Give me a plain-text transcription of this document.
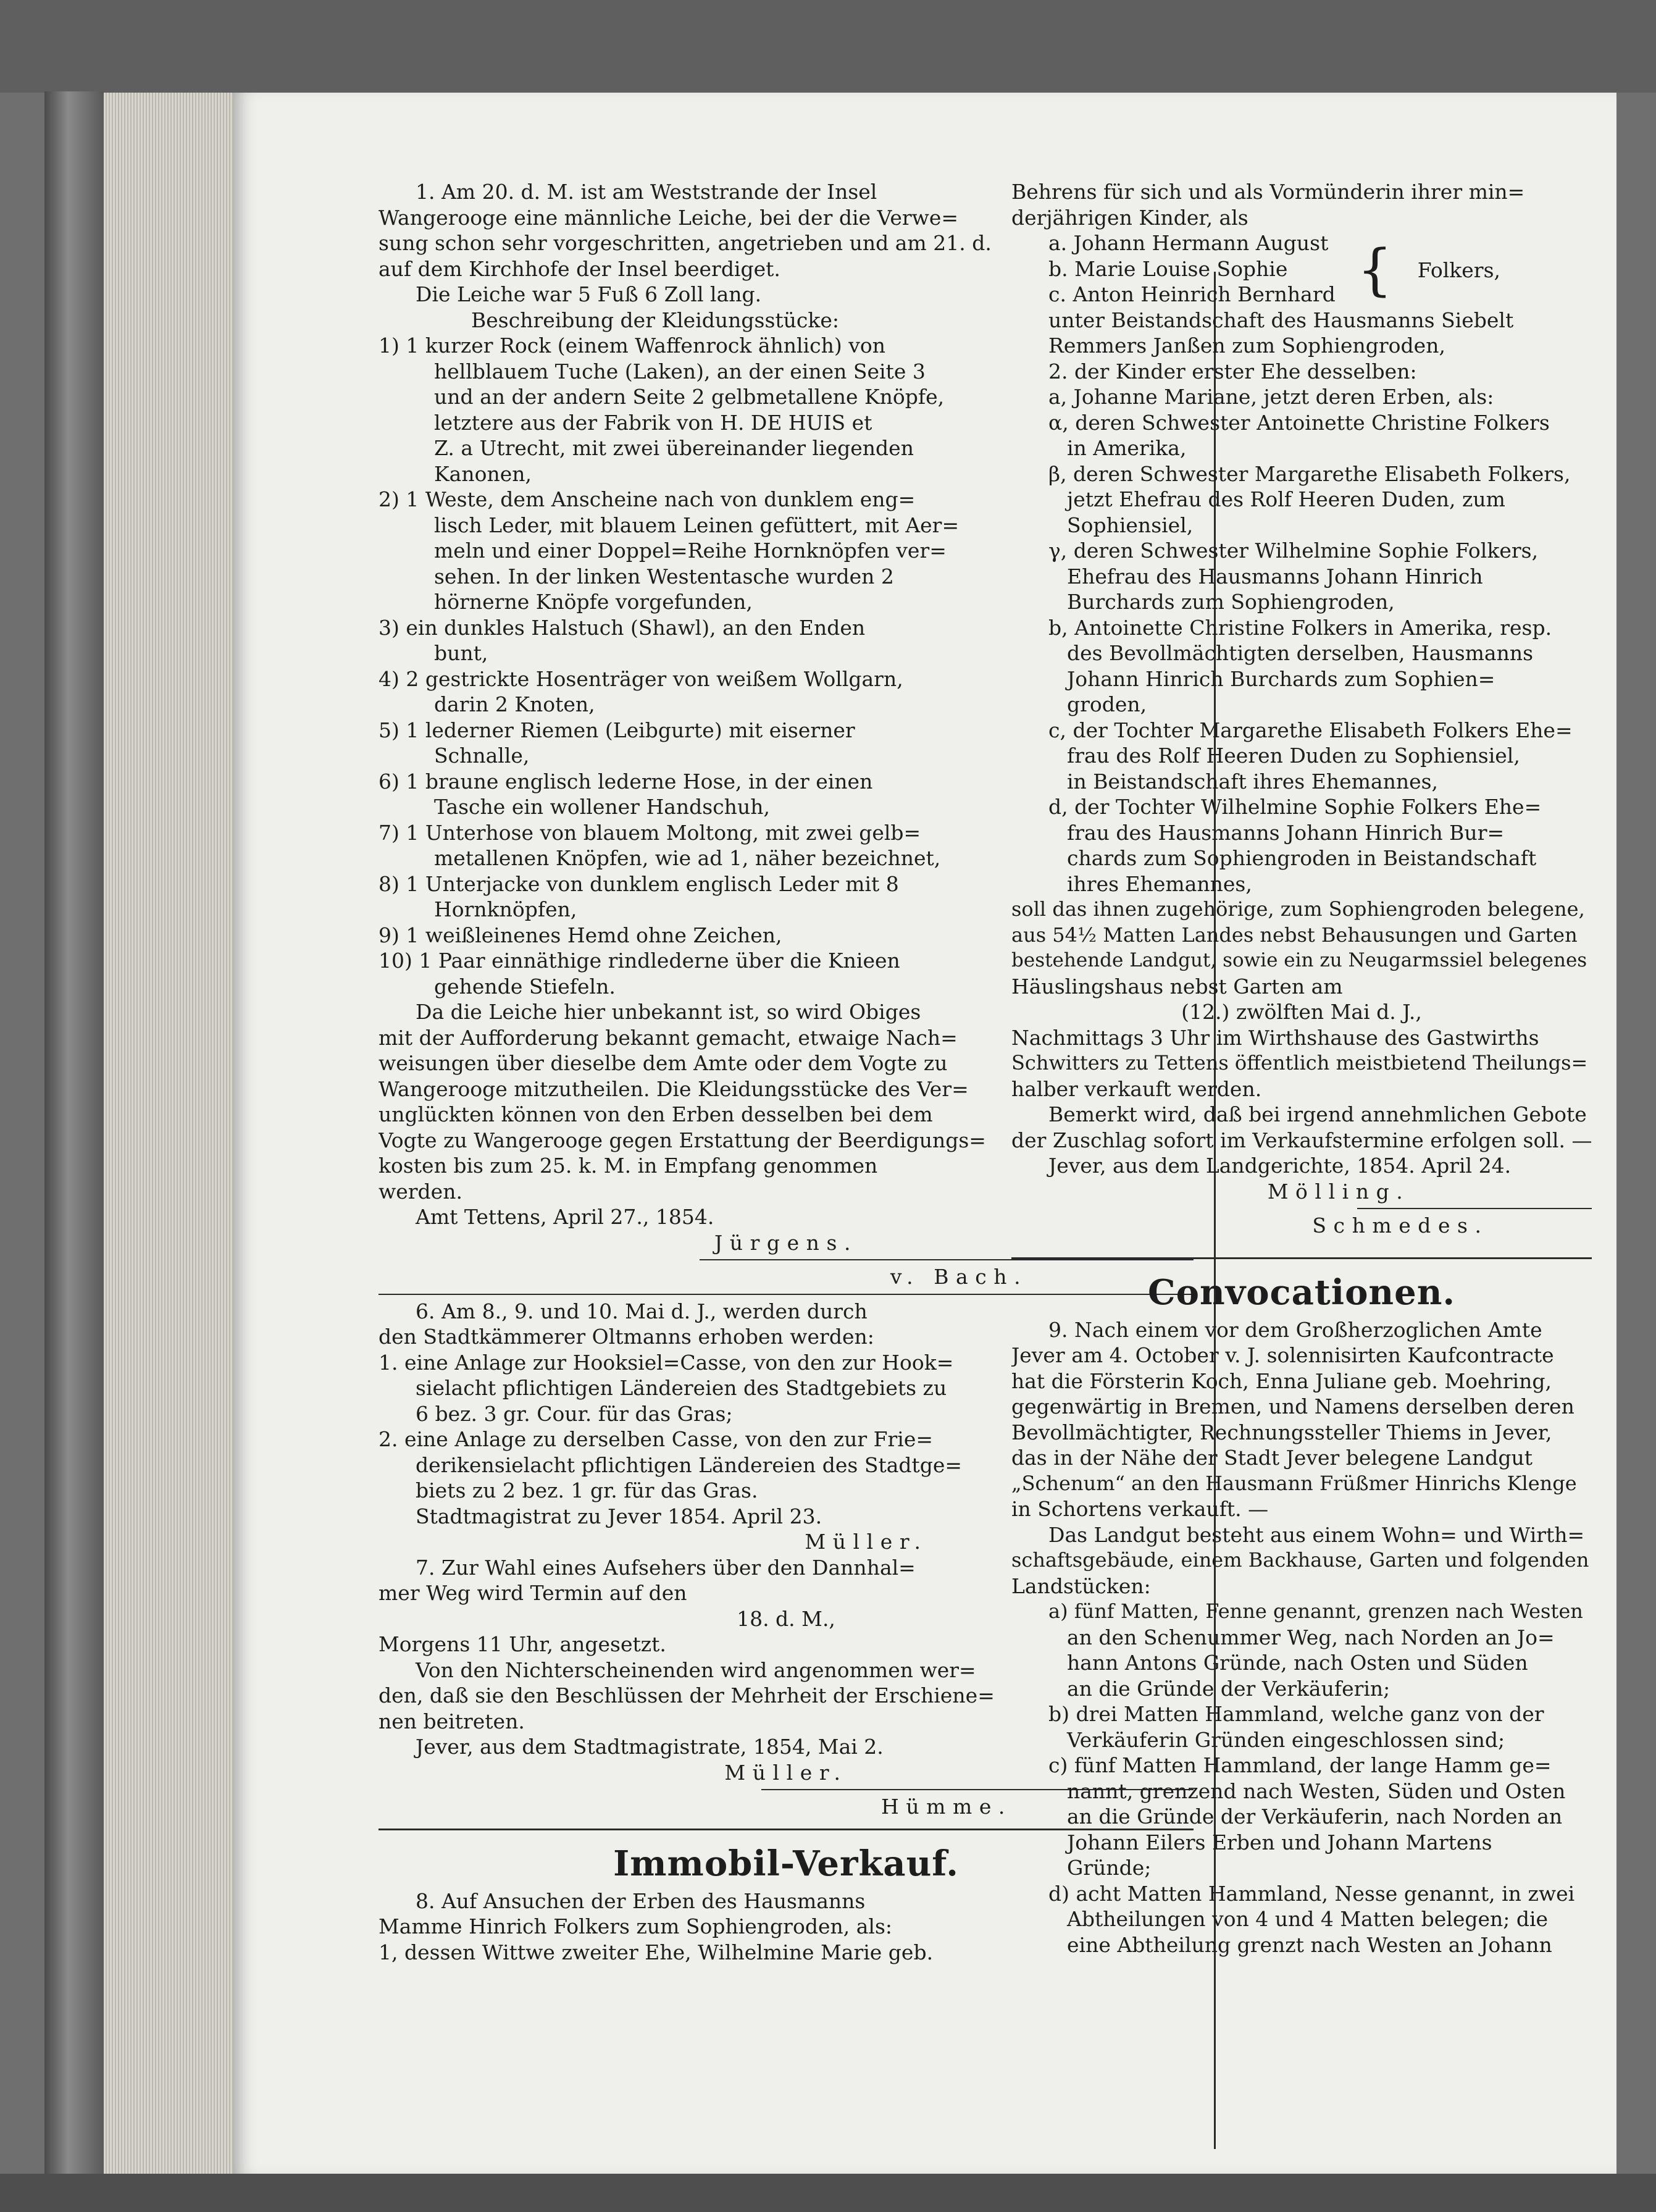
1. Am 20. d. M. ist am Weststrande der Insel
Wangerooge eine männliche Leiche, bei der die Verwe=
sung schon sehr vorgeschritten, angetrieben und am 21. d.
auf dem Kirchhofe der Insel beerdiget.
Die Leiche war 5 Fuß 6 Zoll lang.
Beschreibung der Kleidungsstücke:
1) 1 kurzer Rock (einem Waffenrock ähnlich) von
hellblauem Tuche (Laken), an der einen Seite 3
und an der andern Seite 2 gelbmetallene Knöpfe,
letztere aus der Fabrik von H. DE HUIS et
Z. a Utrecht, mit zwei übereinander liegenden
Kanonen,
2) 1 Weste, dem Anscheine nach von dunklem eng=
lisch Leder, mit blauem Leinen gefüttert, mit Aer=
meln und einer Doppel=Reihe Hornknöpfen ver=
sehen. In der linken Westentasche wurden 2
hörnerne Knöpfe vorgefunden,
3) ein dunkles Halstuch (Shawl), an den Enden
bunt,
4) 2 gestrickte Hosenträger von weißem Wollgarn,
darin 2 Knoten,
5) 1 lederner Riemen (Leibgurte) mit eiserner
Schnalle,
6) 1 braune englisch lederne Hose, in der einen
Tasche ein wollener Handschuh,
7) 1 Unterhose von blauem Moltong, mit zwei gelb=
metallenen Knöpfen, wie ad 1, näher bezeichnet,
8) 1 Unterjacke von dunklem englisch Leder mit 8
Hornknöpfen,
9) 1 weißleinenes Hemd ohne Zeichen,
10) 1 Paar einnäthige rindlederne über die Knieen
gehende Stiefeln.
Da die Leiche hier unbekannt ist, so wird Obiges
mit der Aufforderung bekannt gemacht, etwaige Nach=
weisungen über dieselbe dem Amte oder dem Vogte zu
Wangerooge mitzutheilen. Die Kleidungsstücke des Ver=
unglückten können von den Erben desselben bei dem
Vogte zu Wangerooge gegen Erstattung der Beerdigungs=
kosten bis zum 25. k. M. in Empfang genommen
werden.
Amt Tettens, April 27., 1854.
Jürgens.
v. Bach.
6. Am 8., 9. und 10. Mai d. J., werden durch
den Stadtkämmerer Oltmanns erhoben werden:
1. eine Anlage zur Hooksiel=Casse, von den zur Hook=
sielacht pflichtigen Ländereien des Stadtgebiets zu
6 bez. 3 gr. Cour. für das Gras;
2. eine Anlage zu derselben Casse, von den zur Frie=
derikensielacht pflichtigen Ländereien des Stadtge=
biets zu 2 bez. 1 gr. für das Gras.
Stadtmagistrat zu Jever 1854. April 23.
Müller.
7. Zur Wahl eines Aufsehers über den Dannhal=
mer Weg wird Termin auf den
18. d. M.,
Morgens 11 Uhr, angesetzt.
Von den Nichterscheinenden wird angenommen wer=
den, daß sie den Beschlüssen der Mehrheit der Erschiene=
nen beitreten.
Jever, aus dem Stadtmagistrate, 1854, Mai 2.
Müller.
Hümme.
Immobil-Verkauf.
8. Auf Ansuchen der Erben des Hausmanns
Mamme Hinrich Folkers zum Sophiengroden, als:
1, dessen Wittwe zweiter Ehe, Wilhelmine Marie geb.
Behrens für sich und als Vormünderin ihrer min=
derjährigen Kinder, als
a. Johann Hermann August
b. Marie Louise Sophie
c. Anton Heinrich Bernhard { Folkers,
unter Beistandschaft des Hausmanns Siebelt
Remmers Janßen zum Sophiengroden,
2. der Kinder erster Ehe desselben:
a, Johanne Mariane, jetzt deren Erben, als:
α, deren Schwester Antoinette Christine Folkers
in Amerika,
β, deren Schwester Margarethe Elisabeth Folkers,
jetzt Ehefrau des Rolf Heeren Duden, zum
Sophiensiel,
γ, deren Schwester Wilhelmine Sophie Folkers,
Ehefrau des Hausmanns Johann Hinrich
Burchards zum Sophiengroden,
b, Antoinette Christine Folkers in Amerika, resp.
des Bevollmächtigten derselben, Hausmanns
Johann Hinrich Burchards zum Sophien=
groden,
c, der Tochter Margarethe Elisabeth Folkers Ehe=
frau des Rolf Heeren Duden zu Sophiensiel,
in Beistandschaft ihres Ehemannes,
d, der Tochter Wilhelmine Sophie Folkers Ehe=
frau des Hausmanns Johann Hinrich Bur=
chards zum Sophiengroden in Beistandschaft
ihres Ehemannes,
soll das ihnen zugehörige, zum Sophiengroden belegene,
aus 54½ Matten Landes nebst Behausungen und Garten
bestehende Landgut, sowie ein zu Neugarmssiel belegenes
Häuslingshaus nebst Garten am
(12.) zwölften Mai d. J.,
Nachmittags 3 Uhr im Wirthshause des Gastwirths
Schwitters zu Tettens öffentlich meistbietend Theilungs=
halber verkauft werden.
Bemerkt wird, daß bei irgend annehmlichen Gebote
der Zuschlag sofort im Verkaufstermine erfolgen soll. —
Jever, aus dem Landgerichte, 1854. April 24.
Mölling.
Schmedes.
Convocationen.
9. Nach einem vor dem Großherzoglichen Amte
Jever am 4. October v. J. solennisirten Kaufcontracte
hat die Försterin Koch, Enna Juliane geb. Moehring,
gegenwärtig in Bremen, und Namens derselben deren
Bevollmächtigter, Rechnungssteller Thiems in Jever,
das in der Nähe der Stadt Jever belegene Landgut
„Schenum“ an den Hausmann Früßmer Hinrichs Klenge
in Schortens verkauft. —
Das Landgut besteht aus einem Wohn= und Wirth=
schaftsgebäude, einem Backhause, Garten und folgenden
Landstücken:
a) fünf Matten, Fenne genannt, grenzen nach Westen
an den Schenummer Weg, nach Norden an Jo=
hann Antons Gründe, nach Osten und Süden
an die Gründe der Verkäuferin;
b) drei Matten Hammland, welche ganz von der
Verkäuferin Gründen eingeschlossen sind;
c) fünf Matten Hammland, der lange Hamm ge=
nannt, grenzend nach Westen, Süden und Osten
an die Gründe der Verkäuferin, nach Norden an
Johann Eilers Erben und Johann Martens
Gründe;
d) acht Matten Hammland, Nesse genannt, in zwei
Abtheilungen von 4 und 4 Matten belegen; die
eine Abtheilung grenzt nach Westen an Johann
